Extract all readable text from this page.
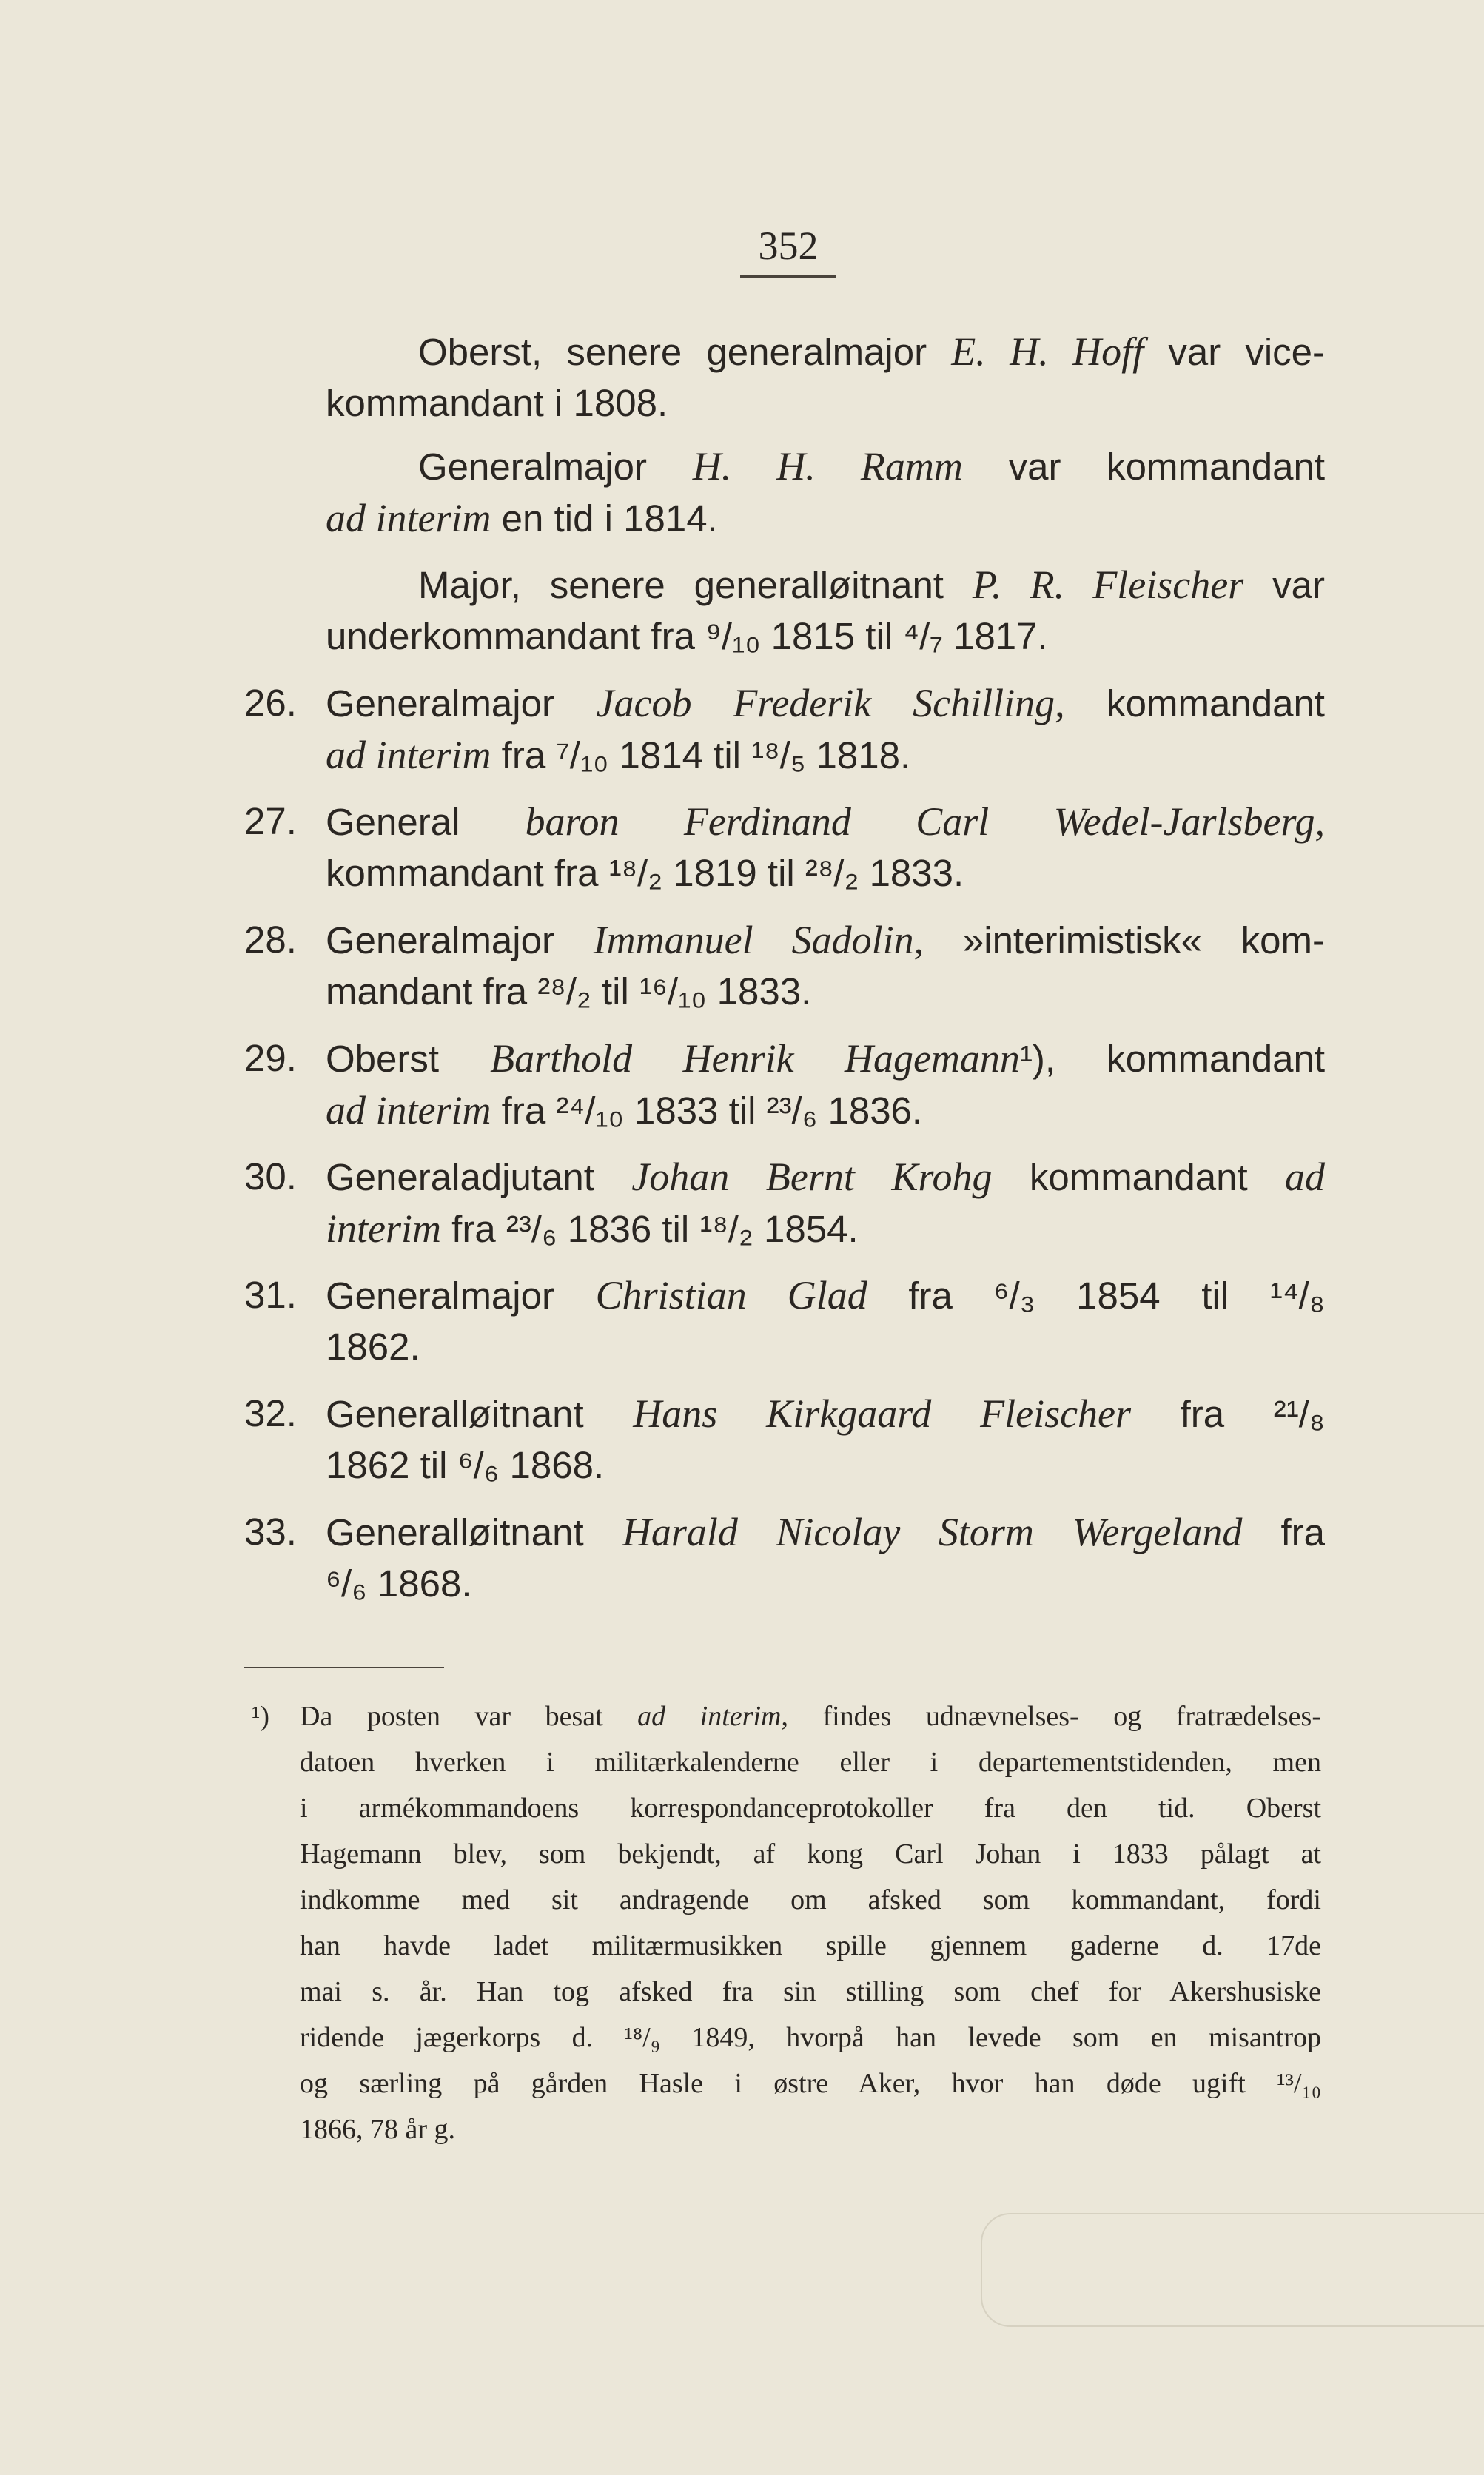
352
Oberst, senere generalmajor E. H. Hoff var vice-
kommandant i 1808.
Generalmajor H. H. Ramm var kommandant
ad interim en tid i 1814.
Major, senere generalløitnant P. R. Fleischer var
underkommandant fra ⁹/₁₀ 1815 til ⁴/₇ 1817.
26. Generalmajor Jacob Frederik Schilling, kommandant
ad interim fra ⁷/₁₀ 1814 til ¹⁸/₅ 1818.
27. General baron Ferdinand Carl Wedel-Jarlsberg,
kommandant fra ¹⁸/₂ 1819 til ²⁸/₂ 1833.
28. Generalmajor Immanuel Sadolin, »interimistisk« kom-
mandant fra ²⁸/₂ til ¹⁶/₁₀ 1833.
29. Oberst Barthold Henrik Hagemann¹), kommandant
ad interim fra ²⁴/₁₀ 1833 til ²³/₆ 1836.
30. Generaladjutant Johan Bernt Krohg kommandant ad
interim fra ²³/₆ 1836 til ¹⁸/₂ 1854.
31. Generalmajor Christian Glad fra ⁶/₃ 1854 til ¹⁴/₈
1862.
32. Generalløitnant Hans Kirkgaard Fleischer fra ²¹/₈
1862 til ⁶/₆ 1868.
33. Generalløitnant Harald Nicolay Storm Wergeland fra
⁶/₆ 1868.
¹) Da posten var besat ad interim, findes udnævnelses- og fratrædelses-
datoen hverken i militærkalenderne eller i departementstidenden, men
i armékommandoens korrespondanceprotokoller fra den tid. Oberst
Hagemann blev, som bekjendt, af kong Carl Johan i 1833 pålagt at
indkomme med sit andragende om afsked som kommandant, fordi
han havde ladet militærmusikken spille gjennem gaderne d. 17de
mai s. år. Han tog afsked fra sin stilling som chef for Akershusiske
ridende jægerkorps d. ¹⁸/₉ 1849, hvorpå han levede som en misantrop
og særling på gården Hasle i østre Aker, hvor han døde ugift ¹³/₁₀
1866, 78 år g.
